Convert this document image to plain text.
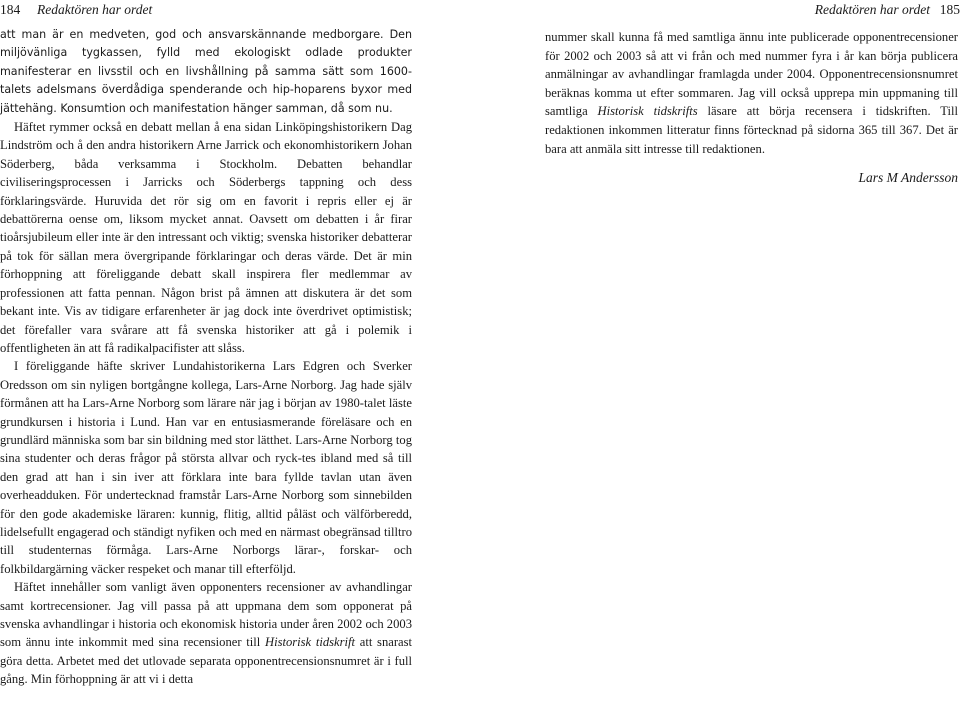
184 Redaktören har ordet

att man är en medveten, god och ansvarskännande medborgare. Den miljövänliga tygkassen, fylld med ekologiskt odlade produkter manifesterar en livsstil och en livshållning på samma sätt som 1600-talets adelsmans överdådiga spenderande och hip-hoparens byxor med jättehäng. Konsumtion och manifestation hänger samman, då som nu.

Häftet rymmer också en debatt mellan å ena sidan Linköpingshistorikern Dag Lindström och å den andra historikern Arne Jarrick och ekonomhistorikern Johan Söderberg, båda verksamma i Stockholm. Debatten behandlar civiliseringsprocessen i Jarricks och Söderbergs tappning och dess förklaringsvärde. Huruvida det rör sig om en favorit i repris eller ej är debattörerna oense om, liksom mycket annat. Oavsett om debatten i år firar tioårsjubileum eller inte är den intressant och viktig; svenska historiker debatterar på tok för sällan mera övergripande förklaringar och deras värde. Det är min förhoppning att föreliggande debatt skall inspirera fler medlemmar av professionen att fatta pennan. Någon brist på ämnen att diskutera är det som bekant inte. Vis av tidigare erfarenheter är jag dock inte överdrivet optimistisk; det förefaller vara svårare att få svenska historiker att gå i polemik i offentligheten än att få radikalpacifister att slåss.

I föreliggande häfte skriver Lundahistorikerna Lars Edgren och Sverker Oredsson om sin nyligen bortgångne kollega, Lars-Arne Norborg. Jag hade själv förmånen att ha Lars-Arne Norborg som lärare när jag i början av 1980-talet läste grundkursen i historia i Lund. Han var en entusiasmerande föreläsare och en grundlärd människa som bar sin bildning med stor lätthet. Lars-Arne Norborg tog sina studenter och deras frågor på största allvar och ryck-tes ibland med så till den grad att han i sin iver att förklara inte bara fyllde tavlan utan även overheadduken. För undertecknad framstår Lars-Arne Norborg som sinnebilden för den gode akademiske läraren: kunnig, flitig, alltid påläst och välförberedd, lidelsefullt engagerad och ständigt nyfiken och med en närmast obegränsad tilltro till studenternas förmåga. Lars-Arne Norborgs lärar-, forskar- och folkbildargärning väcker respeket och manar till efterföljd.

Häftet innehåller som vanligt även opponenters recensioner av avhandlingar samt kortrecensioner. Jag vill passa på att uppmana dem som opponerat på svenska avhandlingar i historia och ekonomisk historia under åren 2002 och 2003 som ännu inte inkommit med sina recensioner till Historisk tidskrift att snarast göra detta. Arbetet med det utlovade separata opponentrecensionsnumret är i full gång. Min förhoppning är att vi i detta

Redaktören har ordet 185

nummer skall kunna få med samtliga ännu inte publicerade opponentrecensioner för 2002 och 2003 så att vi från och med nummer fyra i år kan börja publicera anmälningar av avhandlingar framlagda under 2004. Opponentrecensionsnumret beräknas komma ut efter sommaren. Jag vill också upprepa min uppmaning till samtliga Historisk tidskrifts läsare att börja recensera i tidskriften. Till redaktionen inkommen litteratur finns förtecknad på sidorna 365 till 367. Det är bara att anmäla sitt intresse till redaktionen.

Lars M Andersson
